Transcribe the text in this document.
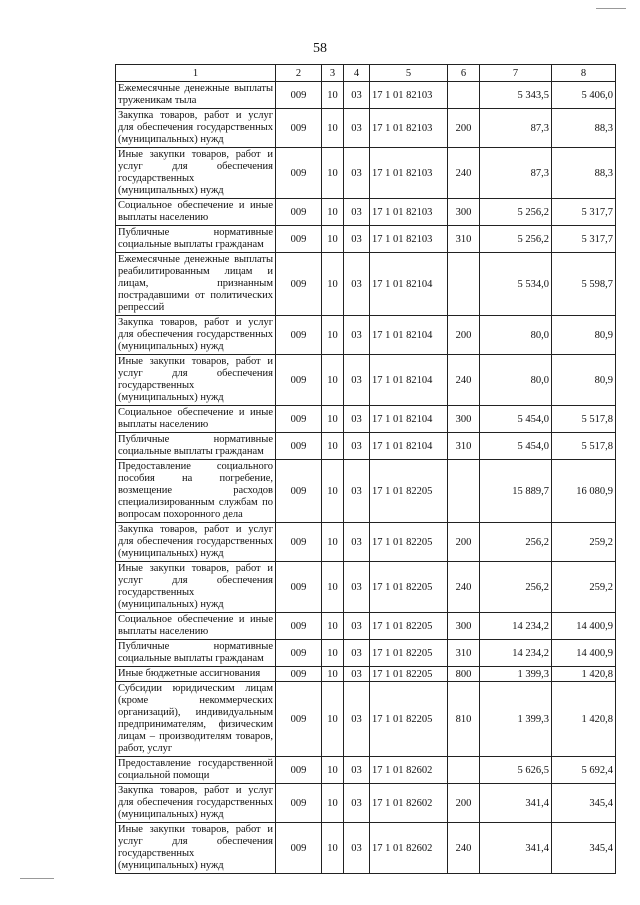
58
1	2	3	4	5	6	7	8
Ежемесячные денежные выплаты труженикам тыла	009	10	03	17 1 01 82103		5 343,5	5 406,0
Закупка товаров, работ и услуг для обеспечения государственных (муниципальных) нужд	009	10	03	17 1 01 82103	200	87,3	88,3
Иные закупки товаров, работ и услуг для обеспечения государственных (муниципальных) нужд	009	10	03	17 1 01 82103	240	87,3	88,3
Социальное обеспечение и иные выплаты населению	009	10	03	17 1 01 82103	300	5 256,2	5 317,7
Публичные нормативные социальные выплаты гражданам	009	10	03	17 1 01 82103	310	5 256,2	5 317,7
Ежемесячные денежные выплаты реабилитированным лицам и лицам, признанным пострадавшими от политических репрессий	009	10	03	17 1 01 82104		5 534,0	5 598,7
Закупка товаров, работ и услуг для обеспечения государственных (муниципальных) нужд	009	10	03	17 1 01 82104	200	80,0	80,9
Иные закупки товаров, работ и услуг для обеспечения государственных (муниципальных) нужд	009	10	03	17 1 01 82104	240	80,0	80,9
Социальное обеспечение и иные выплаты населению	009	10	03	17 1 01 82104	300	5 454,0	5 517,8
Публичные нормативные социальные выплаты гражданам	009	10	03	17 1 01 82104	310	5 454,0	5 517,8
Предоставление социального пособия на погребение, возмещение расходов специализированным службам по вопросам похоронного дела	009	10	03	17 1 01 82205		15 889,7	16 080,9
Закупка товаров, работ и услуг для обеспечения государственных (муниципальных) нужд	009	10	03	17 1 01 82205	200	256,2	259,2
Иные закупки товаров, работ и услуг для обеспечения государственных (муниципальных) нужд	009	10	03	17 1 01 82205	240	256,2	259,2
Социальное обеспечение и иные выплаты населению	009	10	03	17 1 01 82205	300	14 234,2	14 400,9
Публичные нормативные социальные выплаты гражданам	009	10	03	17 1 01 82205	310	14 234,2	14 400,9
Иные бюджетные ассигнования	009	10	03	17 1 01 82205	800	1 399,3	1 420,8
Субсидии юридическим лицам (кроме некоммерческих организаций), индивидуальным предпринимателям, физическим лицам – производителям товаров, работ, услуг	009	10	03	17 1 01 82205	810	1 399,3	1 420,8
Предоставление государственной социальной помощи	009	10	03	17 1 01 82602		5 626,5	5 692,4
Закупка товаров, работ и услуг для обеспечения государственных (муниципальных) нужд	009	10	03	17 1 01 82602	200	341,4	345,4
Иные закупки товаров, работ и услуг для обеспечения государственных (муниципальных) нужд	009	10	03	17 1 01 82602	240	341,4	345,4
